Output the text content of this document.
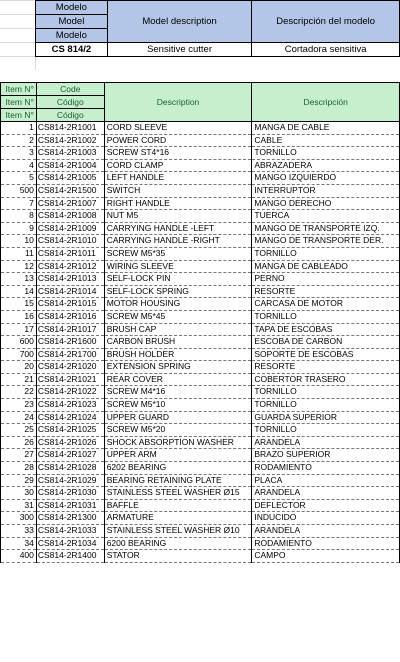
Modelo	Model description	Descripción del modelo
Model		
Modelo		
CS 814/2	Sensitive cutter	Cortadora sensitiva
Item N°	Code	Description	Descripción
Item N°	Código		
Item N°	Código		
1	CS814-2R1001	CORD SLEEVE	MANGA DE CABLE
2	CS814-2R1002	POWER CORD	CABLE
3	CS814-2R1003	SCREW ST4*16	TORNILLO
4	CS814-2R1004	CORD CLAMP	ABRAZADERA
5	CS814-2R1005	LEFT HANDLE	MANGO IZQUIERDO
500	CS814-2R1500	SWITCH	INTERRUPTOR
7	CS814-2R1007	RIGHT HANDLE	MANGO DERECHO
8	CS814-2R1008	NUT M5	TUERCA
9	CS814-2R1009	CARRYING HANDLE -LEFT	MANGO DE TRANSPORTE IZQ.
10	CS814-2R1010	CARRYING HANDLE -RIGHT	MANGO DE TRANSPORTE DER.
11	CS814-2R1011	SCREW M5*35	TORNILLO
12	CS814-2R1012	WIRING SLEEVE	MANGA DE CABLEADO
13	CS814-2R1013	SELF-LOCK PIN	PERNO
14	CS814-2R1014	SELF-LOCK SPRING	RESORTE
15	CS814-2R1015	MOTOR HOUSING	CARCASA DE MOTOR
16	CS814-2R1016	SCREW M5*45	TORNILLO
17	CS814-2R1017	BRUSH CAP	TAPA DE ESCOBAS
600	CS814-2R1600	CARBON BRUSH	ESCOBA DE CARBON
700	CS814-2R1700	BRUSH HOLDER	SOPORTE DE ESCOBAS
20	CS814-2R1020	EXTENSION SPRING	RESORTE
21	CS814-2R1021	REAR COVER	COBERTOR TRASERO
22	CS814-2R1022	SCREW M4*16	TORNILLO
23	CS814-2R1023	SCREW M5*10	TORNILLO
24	CS814-2R1024	UPPER GUARD	GUARDA SUPERIOR
25	CS814-2R1025	SCREW M5*20	TORNILLO
26	CS814-2R1026	SHOCK ABSORPTION WASHER	ARANDELA
27	CS814-2R1027	UPPER ARM	BRAZO SUPERIOR
28	CS814-2R1028	6202 BEARING	RODAMIENTO
29	CS814-2R1029	BEARING RETAINING PLATE	PLACA
30	CS814-2R1030	STAINLESS STEEL WASHER Ø15	ARANDELA
31	CS814-2R1031	BAFFLE	DEFLECTOR
300	CS814-2R1300	ARMATURE	INDUCIDO
33	CS814-2R1033	STAINLESS STEEL WASHER Ø10	ARANDELA
34	CS814-2R1034	6200 BEARING	RODAMIENTO
400	CS814-2R1400	STATOR	CAMPO
